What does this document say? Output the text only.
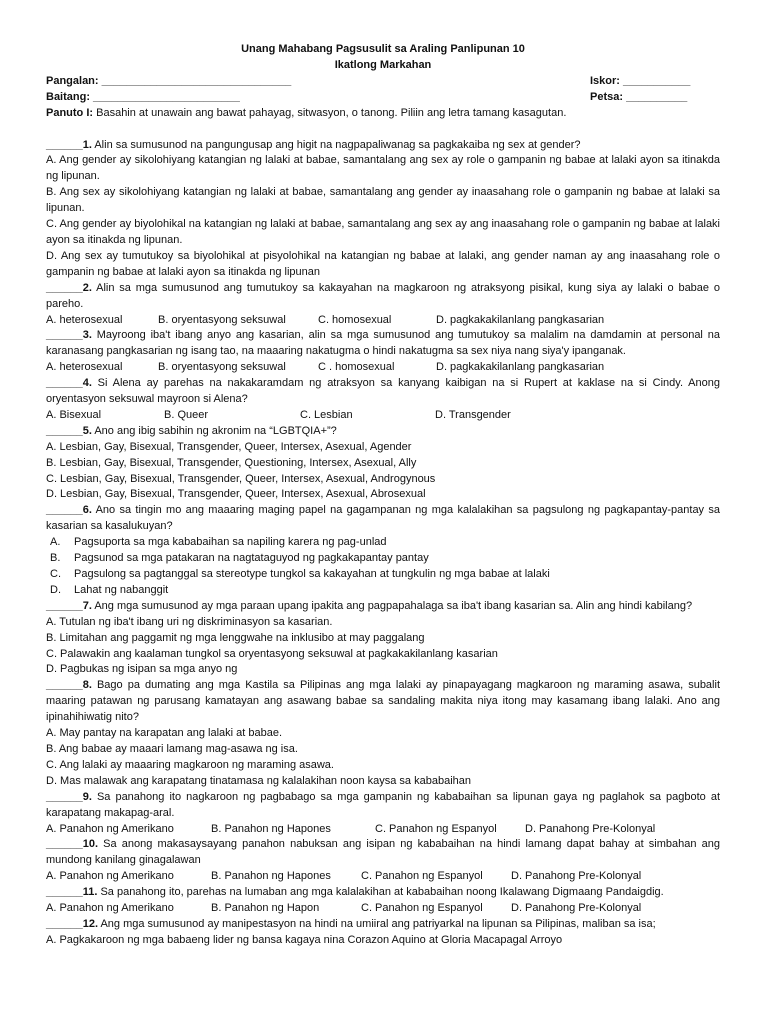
Unang Mahabang Pagsusulit sa Araling Panlipunan 10
Ikatlong Markahan
Pangalan: _______________________________	Iskor: ___________
Baitang: ________________________	Petsa: __________
Panuto I: Basahin at unawain ang bawat pahayag, sitwasyon, o tanong. Piliin ang letra tamang kasagutan.
______1. Alin sa sumusunod na pangungusap ang higit na nagpapaliwanag sa pagkakaiba ng sex at gender?
A. Ang gender ay sikolohiyang katangian ng lalaki at babae, samantalang ang sex ay role o gampanin ng babae at lalaki ayon sa itinakda ng lipunan.
B. Ang sex ay sikolohiyang katangian ng lalaki at babae, samantalang ang gender ay inaasahang role o gampanin ng babae at lalaki sa lipunan.
C. Ang gender ay biyolohikal na katangian ng lalaki at babae, samantalang ang sex ay ang inaasahang role o gampanin ng babae at lalaki ayon sa itinakda ng lipunan.
D. Ang sex ay tumutukoy sa biyolohikal at pisyolohikal na katangian ng babae at lalaki, ang gender naman ay ang inaasahang role o gampanin ng babae at lalaki ayon sa itinakda ng lipunan
______2. Alin sa mga sumusunod ang tumutukoy sa kakayahan na magkaroon ng atraksyong pisikal, kung siya ay lalaki o babae o pareho.
A. heterosexual	B. oryentasyong seksuwal	C. homosexual	D. pagkakakilanlang pangkasarian
______3. Mayroong iba't ibang anyo ang kasarian, alin sa mga sumusunod ang tumutukoy sa malalim na damdamin at personal na karanasang pangkasarian ng isang tao, na maaaring nakatugma o hindi nakatugma sa sex niya nang siya'y ipanganak.
A. heterosexual	B. oryentasyong seksuwal	C . homosexual	D. pagkakakilanlang pangkasarian
______4. Si Alena ay parehas na nakakaramdam ng atraksyon sa kanyang kaibigan na si Rupert at kaklase na si Cindy. Anong oryentasyon seksuwal mayroon si Alena?
A. Bisexual	B. Queer	C. Lesbian	D. Transgender
______5. Ano ang ibig sabihin ng akronim na “LGBTQIA+”?
A. Lesbian, Gay, Bisexual, Transgender, Queer, Intersex, Asexual, Agender
B. Lesbian, Gay, Bisexual, Transgender, Questioning, Intersex, Asexual, Ally
C. Lesbian, Gay, Bisexual, Transgender, Queer, Intersex, Asexual, Androgynous
D. Lesbian, Gay, Bisexual, Transgender, Queer, Intersex, Asexual, Abrosexual
______6. Ano sa tingin mo ang maaaring maging papel na gagampanan ng mga kalalakihan sa pagsulong ng pagkapantay-pantay sa kasarian sa kasalukuyan?
A.	Pagsuporta sa mga kababaihan sa napiling karera ng pag-unlad
B.	Pagsunod sa mga patakaran na nagtataguyod ng pagkakapantay pantay
C.	Pagsulong sa pagtanggal sa stereotype tungkol sa kakayahan at tungkulin ng mga babae at lalaki
D.	Lahat ng nabanggit
______7. Ang mga sumusunod ay mga paraan upang ipakita ang pagpapahalaga sa iba't ibang kasarian sa. Alin ang hindi kabilang?
A. Tutulan ng iba't ibang uri ng diskriminasyon sa kasarian.
B. Limitahan ang paggamit ng mga lenggwahe na inklusibo at may paggalang
C. Palawakin ang kaalaman tungkol sa oryentasyong seksuwal at pagkakakilanlang kasarian
D. Pagbukas ng isipan sa mga anyo ng
______8. Bago pa dumating ang mga Kastila sa Pilipinas ang mga lalaki ay pinapayagang magkaroon ng maraming asawa, subalit maaring patawan ng parusang kamatayan ang asawang babae sa sandaling makita niya itong may kasamang ibang lalaki. Ano ang ipinahihiwatig nito?
A. May pantay na karapatan ang lalaki at babae.
B. Ang babae ay maaari lamang mag-asawa ng isa.
C. Ang lalaki ay maaaring magkaroon ng maraming asawa.
D. Mas malawak ang karapatang tinatamasa ng kalalakihan noon kaysa sa kababaihan
______9. Sa panahong ito nagkaroon ng pagbabago sa mga gampanin ng kababaihan sa lipunan gaya ng paglahok sa pagboto at karapatang makapag-aral.
A. Panahon ng Amerikano	B. Panahon ng Hapones	C. Panahon ng Espanyol	D. Panahong Pre-Kolonyal
______10. Sa anong makasaysayang panahon nabuksan ang isipan ng kababaihan na hindi lamang dapat bahay at simbahan ang mundong kanilang ginagalawan
A. Panahon ng Amerikano	B. Panahon ng Hapones	C. Panahon ng Espanyol	D. Panahong Pre-Kolonyal
______11. Sa panahong ito, parehas na lumaban ang mga kalalakihan at kababaihan noong Ikalawang Digmaang Pandaigdig.
A. Panahon ng Amerikano	B. Panahon ng Hapon	C. Panahon ng Espanyol	D. Panahong Pre-Kolonyal
______12. Ang mga sumusunod ay manipestasyon na hindi na umiiral ang patriyarkal na lipunan sa Pilipinas, maliban sa isa;
A. Pagkakaroon ng mga babaeng lider ng bansa kagaya nina Corazon Aquino at Gloria Macapagal Arroyo
